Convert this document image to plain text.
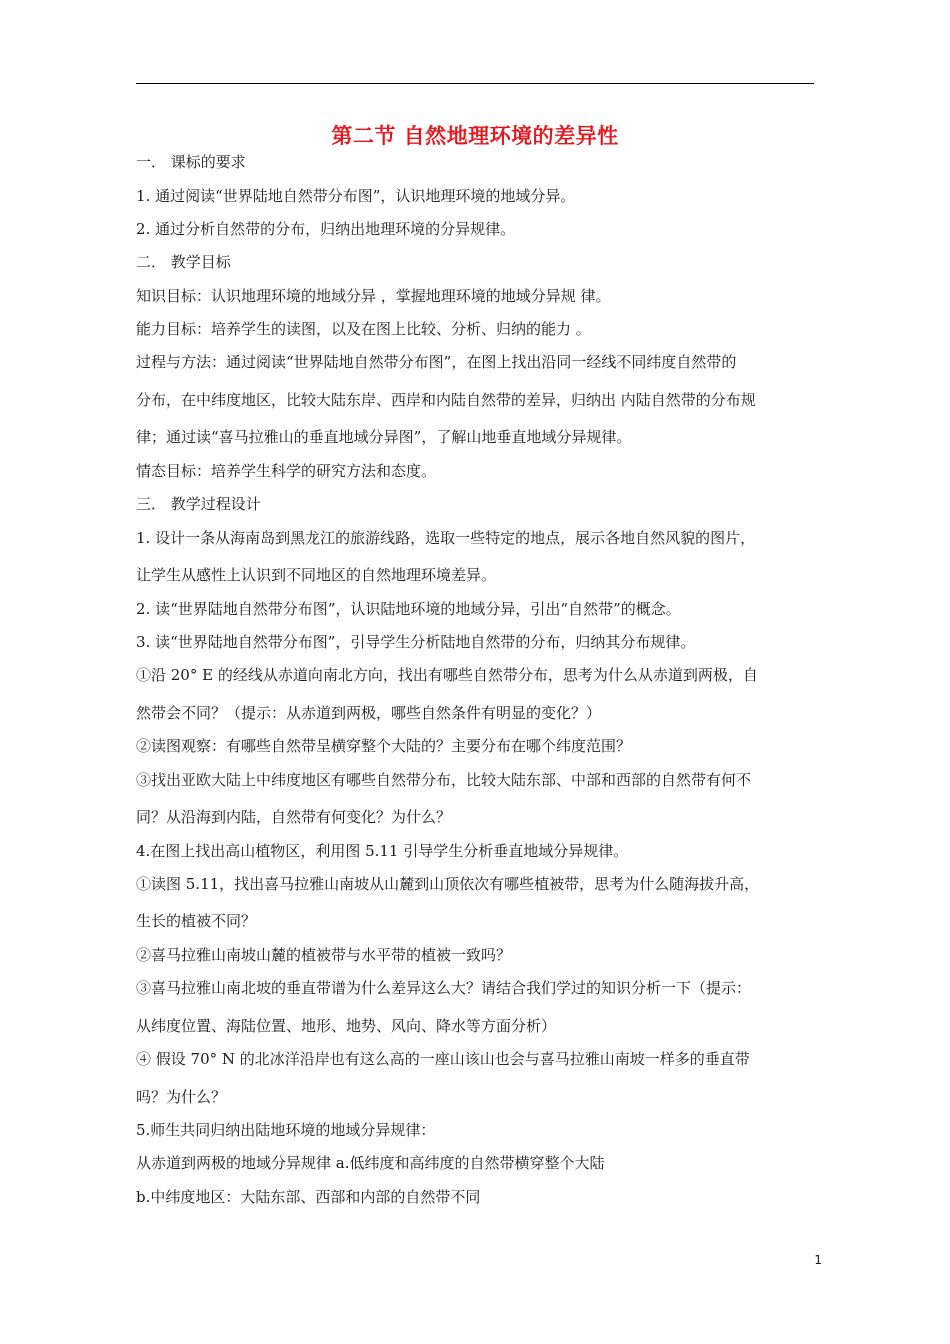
第二节 自然地理环境的差异性
一． 课标的要求
1. 通过阅读“世界陆地自然带分布图”，认识地理环境的地域分异。
2. 通过分析自然带的分布，归纳出地理环境的分异规律。
二． 教学目标
知识目标：认识地理环境的地域分异 ，掌握地理环境的地域分异规 律。
能力目标：培养学生的读图，以及在图上比较、分析、归纳的能力 。
过程与方法：通过阅读“世界陆地自然带分布图”，在图上找出沿同一经线不同纬度自然带的
分布，在中纬度地区，比较大陆东岸、西岸和内陆自然带的差异，归纳出 内陆自然带的分布规
律；通过读“喜马拉雅山的垂直地域分异图”，了解山地垂直地域分异规律。
情态目标：培养学生科学的研究方法和态度。
三． 教学过程设计
1. 设计一条从海南岛到黑龙江的旅游线路，选取一些特定的地点，展示各地自然风貌的图片，
让学生从感性上认识到不同地区的自然地理环境差异。
2. 读“世界陆地自然带分布图”，认识陆地环境的地域分异，引出“自然带”的概念。
3. 读“世界陆地自然带分布图”，引导学生分析陆地自然带的分布，归纳其分布规律。
①沿 20° E 的经线从赤道向南北方向，找出有哪些自然带分布，思考为什么从赤道到两极，自
然带会不同？（提示：从赤道到两极，哪些自然条件有明显的变化？）
②读图观察：有哪些自然带呈横穿整个大陆的？主要分布在哪个纬度范围？
③找出亚欧大陆上中纬度地区有哪些自然带分布，比较大陆东部、中部和西部的自然带有何不
同？从沿海到内陆，自然带有何变化？为什么？
4.在图上找出高山植物区，利用图 5.11 引导学生分析垂直地域分异规律。
①读图 5.11，找出喜马拉雅山南坡从山麓到山顶依次有哪些植被带，思考为什么随海拔升高，
生长的植被不同？
②喜马拉雅山南坡山麓的植被带与水平带的植被一致吗？
③喜马拉雅山南北坡的垂直带谱为什么差异这么大？请结合我们学过的知识分析一下（提示：
从纬度位置、海陆位置、地形、地势、风向、降水等方面分析）
④ 假设 70° N 的北冰洋沿岸也有这么高的一座山该山也会与喜马拉雅山南坡一样多的垂直带
吗？为什么？
5.师生共同归纳出陆地环境的地域分异规律：
从赤道到两极的地域分异规律 a.低纬度和高纬度的自然带横穿整个大陆
b.中纬度地区：大陆东部、西部和内部的自然带不同
1
